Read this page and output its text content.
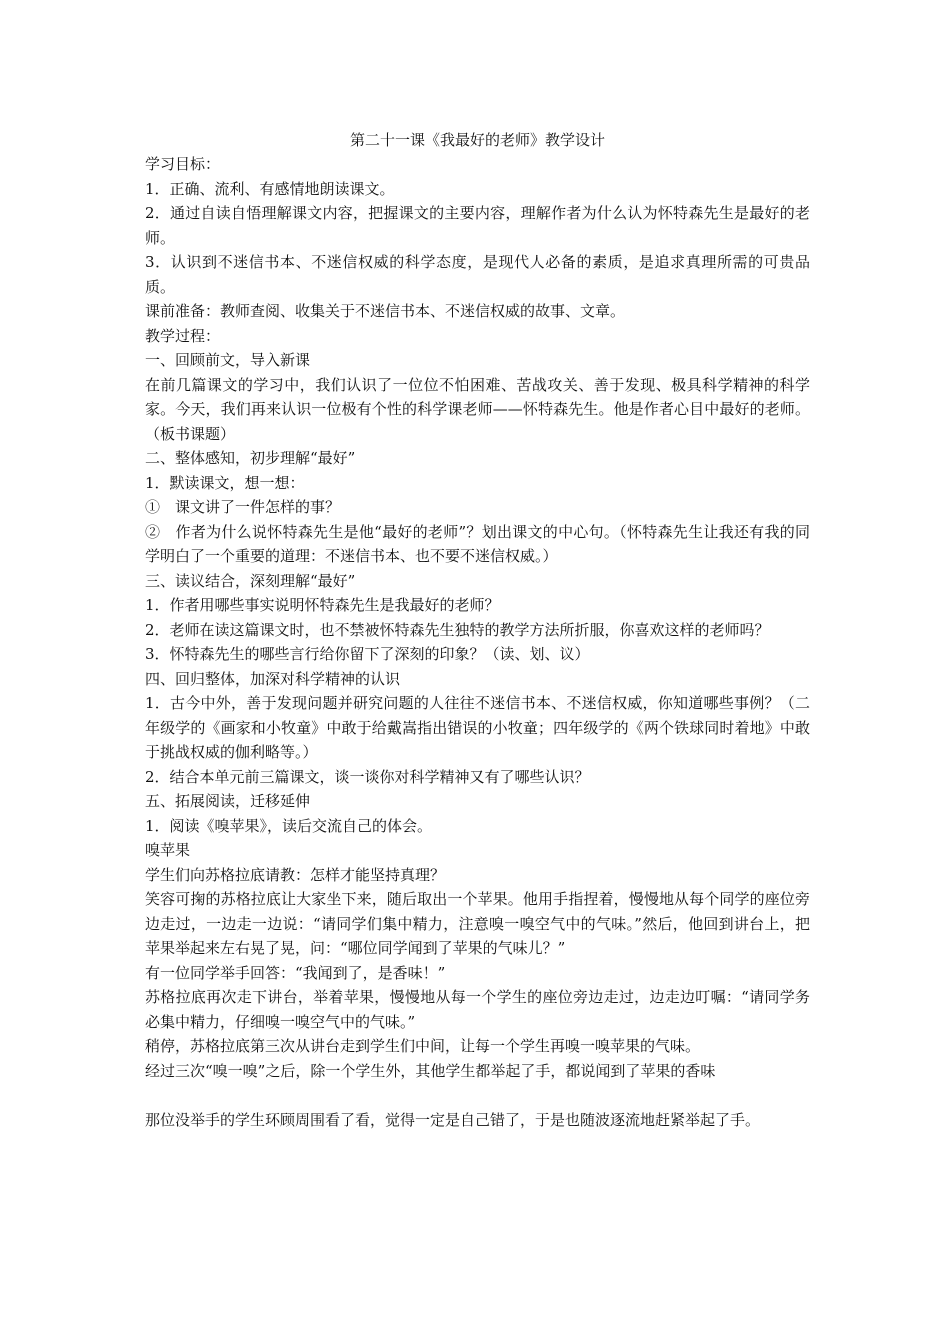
第二十一课《我最好的老师》教学设计
学习目标：
1．正确、流利、有感情地朗读课文。
2．通过自读自悟理解课文内容，把握课文的主要内容，理解作者为什么认为怀特森先生是最好的老师。
3．认识到不迷信书本、不迷信权威的科学态度，是现代人必备的素质，是追求真理所需的可贵品质。
课前准备：教师查阅、收集关于不迷信书本、不迷信权威的故事、文章。
教学过程：
一、回顾前文，导入新课
在前几篇课文的学习中，我们认识了一位位不怕困难、苦战攻关、善于发现、极具科学精神的科学家。今天，我们再来认识一位极有个性的科学课老师——怀特森先生。他是作者心目中最好的老师。（板书课题）
二、整体感知，初步理解“最好”
1．默读课文，想一想：
①　课文讲了一件怎样的事？
②　作者为什么说怀特森先生是他“最好的老师”？划出课文的中心句。（怀特森先生让我还有我的同学明白了一个重要的道理：不迷信书本、也不要不迷信权威。）
三、读议结合，深刻理解“最好”
1．作者用哪些事实说明怀特森先生是我最好的老师？
2．老师在读这篇课文时，也不禁被怀特森先生独特的教学方法所折服，你喜欢这样的老师吗？
3．怀特森先生的哪些言行给你留下了深刻的印象？（读、划、议）
四、回归整体，加深对科学精神的认识
1．古今中外，善于发现问题并研究问题的人往往不迷信书本、不迷信权威，你知道哪些事例？（二年级学的《画家和小牧童》中敢于给戴嵩指出错误的小牧童；四年级学的《两个铁球同时着地》中敢于挑战权威的伽利略等。）
2．结合本单元前三篇课文，谈一谈你对科学精神又有了哪些认识？
五、拓展阅读，迁移延伸
1．阅读《嗅苹果》，读后交流自己的体会。
嗅苹果
学生们向苏格拉底请教：怎样才能坚持真理？
笑容可掬的苏格拉底让大家坐下来，随后取出一个苹果。他用手指捏着，慢慢地从每个同学的座位旁边走过，一边走一边说：“请同学们集中精力，注意嗅一嗅空气中的气味。”然后，他回到讲台上，把苹果举起来左右晃了晃，问：“哪位同学闻到了苹果的气味儿？”
有一位同学举手回答：“我闻到了，是香味！”
苏格拉底再次走下讲台，举着苹果，慢慢地从每一个学生的座位旁边走过，边走边叮嘱：“请同学务必集中精力，仔细嗅一嗅空气中的气味。”
稍停，苏格拉底第三次从讲台走到学生们中间，让每一个学生再嗅一嗅苹果的气味。
经过三次“嗅一嗅”之后，除一个学生外，其他学生都举起了手，都说闻到了苹果的香味
那位没举手的学生环顾周围看了看，觉得一定是自己错了，于是也随波逐流地赶紧举起了手。
